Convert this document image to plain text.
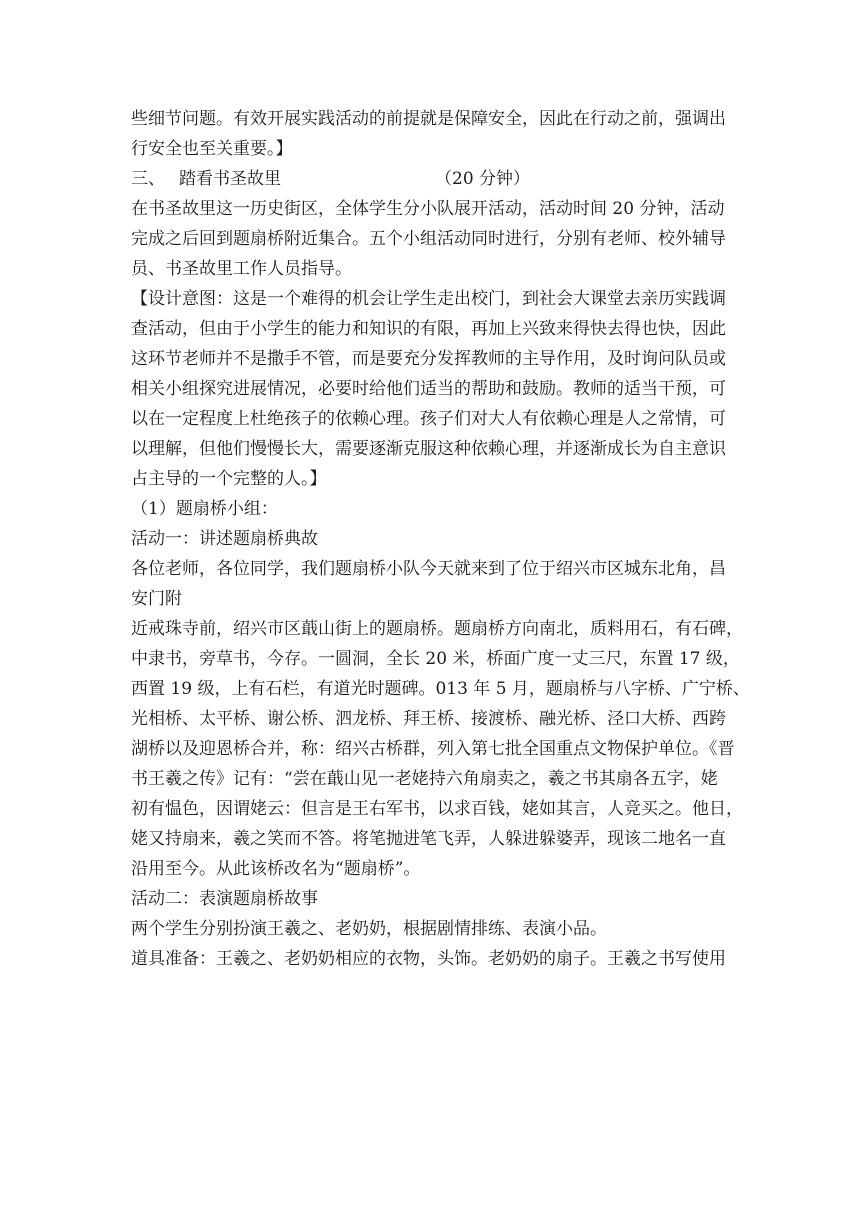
些细节问题。有效开展实践活动的前提就是保障安全，因此在行动之前，强调出
行安全也至关重要。】
三、 踏看书圣故里	（20 分钟）
在书圣故里这一历史街区，全体学生分小队展开活动，活动时间 20 分钟，活动
完成之后回到题扇桥附近集合。五个小组活动同时进行，分别有老师、校外辅导
员、书圣故里工作人员指导。
【设计意图：这是一个难得的机会让学生走出校门，到社会大课堂去亲历实践调
查活动，但由于小学生的能力和知识的有限，再加上兴致来得快去得也快，因此
这环节老师并不是撒手不管，而是要充分发挥教师的主导作用，及时询问队员或
相关小组探究进展情况，必要时给他们适当的帮助和鼓励。教师的适当干预，可
以在一定程度上杜绝孩子的依赖心理。孩子们对大人有依赖心理是人之常情，可
以理解，但他们慢慢长大，需要逐渐克服这种依赖心理，并逐渐成长为自主意识
占主导的一个完整的人。】
（1）题扇桥小组：
活动一：讲述题扇桥典故
各位老师，各位同学，我们题扇桥小队今天就来到了位于绍兴市区城东北角，昌
安门附
近戒珠寺前，绍兴市区蕺山街上的题扇桥。题扇桥方向南北，质料用石，有石碑，
中隶书，旁草书，今存。一圆洞，全长 20 米，桥面广度一丈三尺，东置 17 级，
西置 19 级，上有石栏，有道光时题碑。013 年 5 月，题扇桥与八字桥、广宁桥、
光相桥、太平桥、谢公桥、泗龙桥、拜王桥、接渡桥、融光桥、泾口大桥、西跨
湖桥以及迎恩桥合并，称：绍兴古桥群，列入第七批全国重点文物保护单位。《晋
书王羲之传》记有：“尝在蕺山见一老姥持六角扇卖之，羲之书其扇各五字，姥
初有愠色，因谓姥云：但言是王右军书，以求百钱，姥如其言，人竞买之。他日，
姥又持扇来，羲之笑而不答。将笔抛进笔飞弄，人躲进躲婆弄，现该二地名一直
沿用至今。从此该桥改名为“题扇桥”。
活动二：表演题扇桥故事
两个学生分别扮演王羲之、老奶奶，根据剧情排练、表演小品。
道具准备：王羲之、老奶奶相应的衣物，头饰。老奶奶的扇子。王羲之书写使用
